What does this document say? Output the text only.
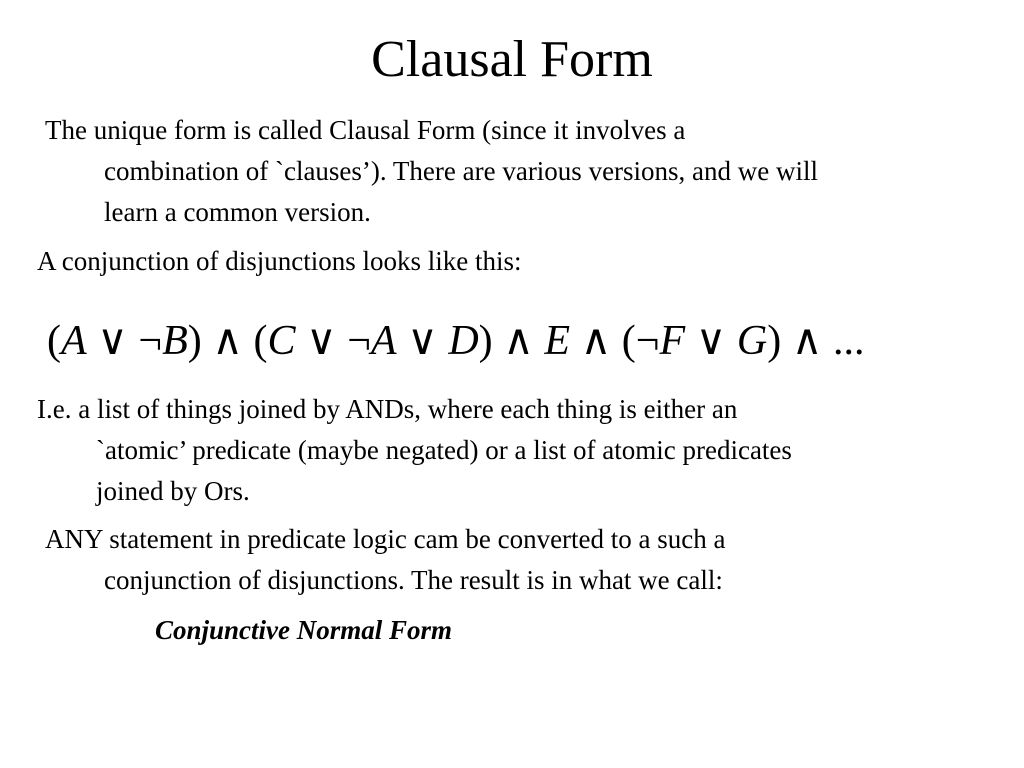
Clausal Form
The unique form is called Clausal Form (since it involves a
combination of `clauses’). There are various versions, and we will
learn a common version.
A conjunction of disjunctions looks like this:
(A ∨ ¬B) ∧ (C ∨ ¬A ∨ D) ∧ E ∧ (¬F ∨ G) ∧ ...
I.e. a list of things joined by ANDs, where each thing is either an
`atomic’ predicate (maybe negated) or a list of atomic predicates
joined by Ors.
ANY statement in predicate logic cam be converted to a such a
conjunction of disjunctions. The result is in what we call:
Conjunctive Normal Form
